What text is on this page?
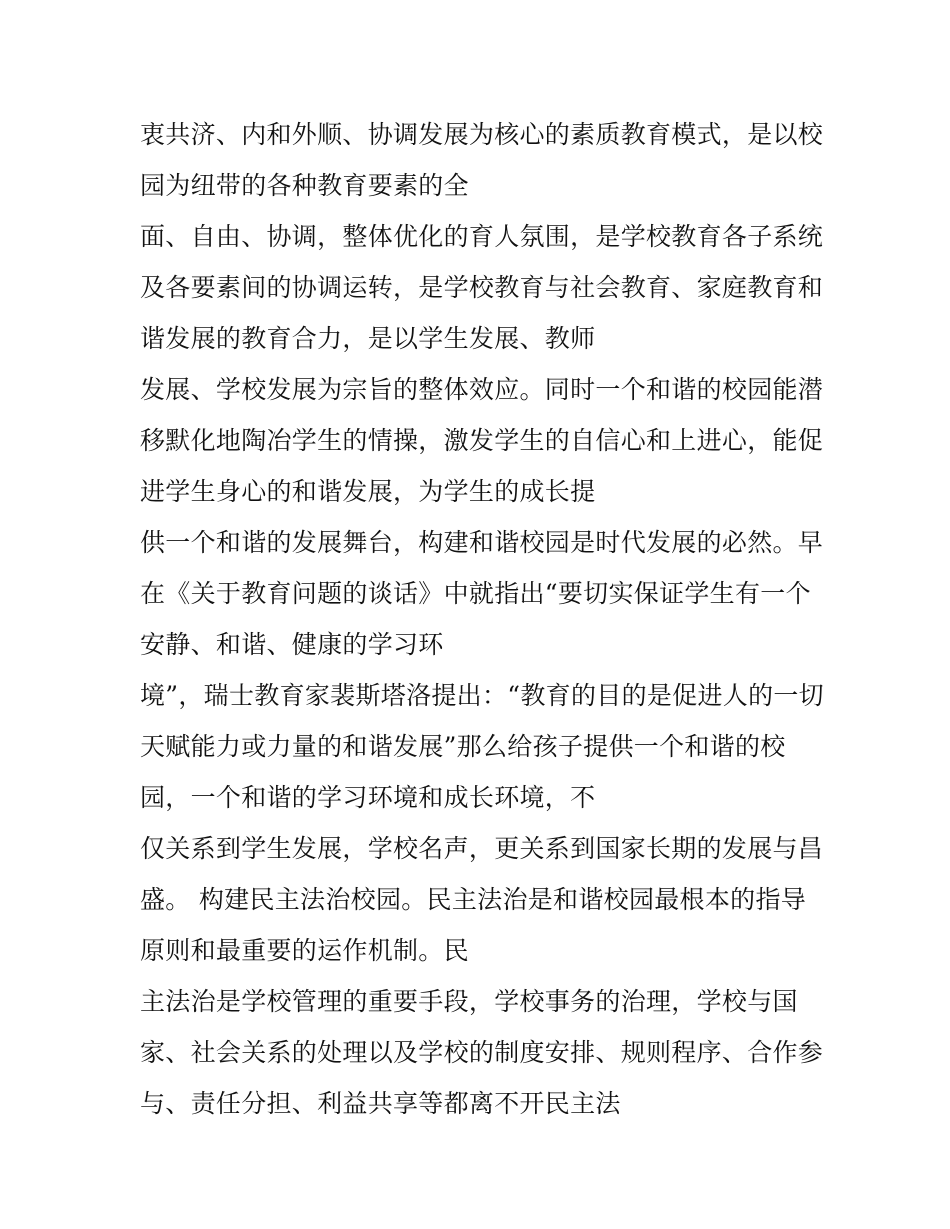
衷共济、内和外顺、协调发展为核心的素质教育模式，是以校
园为纽带的各种教育要素的全
面、自由、协调，整体优化的育人氛围，是学校教育各子系统
及各要素间的协调运转，是学校教育与社会教育、家庭教育和
谐发展的教育合力，是以学生发展、教师
发展、学校发展为宗旨的整体效应。同时一个和谐的校园能潜
移默化地陶冶学生的情操，激发学生的自信心和上进心，能促
进学生身心的和谐发展，为学生的成长提
供一个和谐的发展舞台，构建和谐校园是时代发展的必然。早
在《关于教育问题的谈话》中就指出“要切实保证学生有一个
安静、和谐、健康的学习环
境”，瑞士教育家裴斯塔洛提出：“教育的目的是促进人的一切
天赋能力或力量的和谐发展”那么给孩子提供一个和谐的校
园，一个和谐的学习环境和成长环境，不
仅关系到学生发展，学校名声，更关系到国家长期的发展与昌
盛。 构建民主法治校园。民主法治是和谐校园最根本的指导
原则和最重要的运作机制。民
主法治是学校管理的重要手段，学校事务的治理，学校与国
家、社会关系的处理以及学校的制度安排、规则程序、合作参
与、责任分担、利益共享等都离不开民主法
